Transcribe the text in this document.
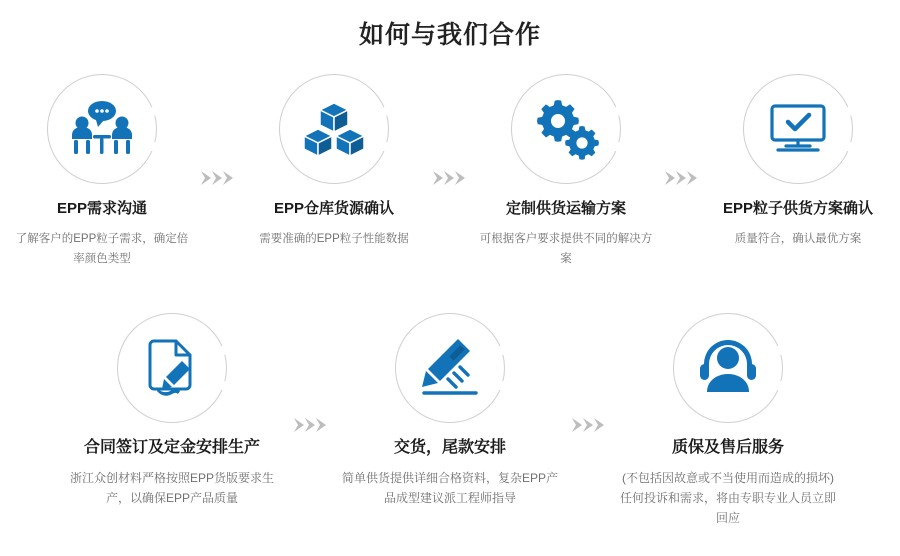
如何与我们合作
EPP需求沟通
了解客户的EPP粒子需求，确定倍率颜色类型
EPP仓库货源确认
需要准确的EPP粒子性能数据
定制供货运输方案
可根据客户要求提供不同的解决方案
EPP粒子供货方案确认
质量符合，确认最优方案
合同签订及定金安排生产
浙江众创材料严格按照EPP货版要求生产，以确保EPP产品质量
交货，尾款安排
简单供货提供详细合格资料，复杂EPP产品成型建议派工程师指导
质保及售后服务
(不包括因故意或不当使用而造成的损坏)任何投诉和需求，将由专职专业人员立即回应
